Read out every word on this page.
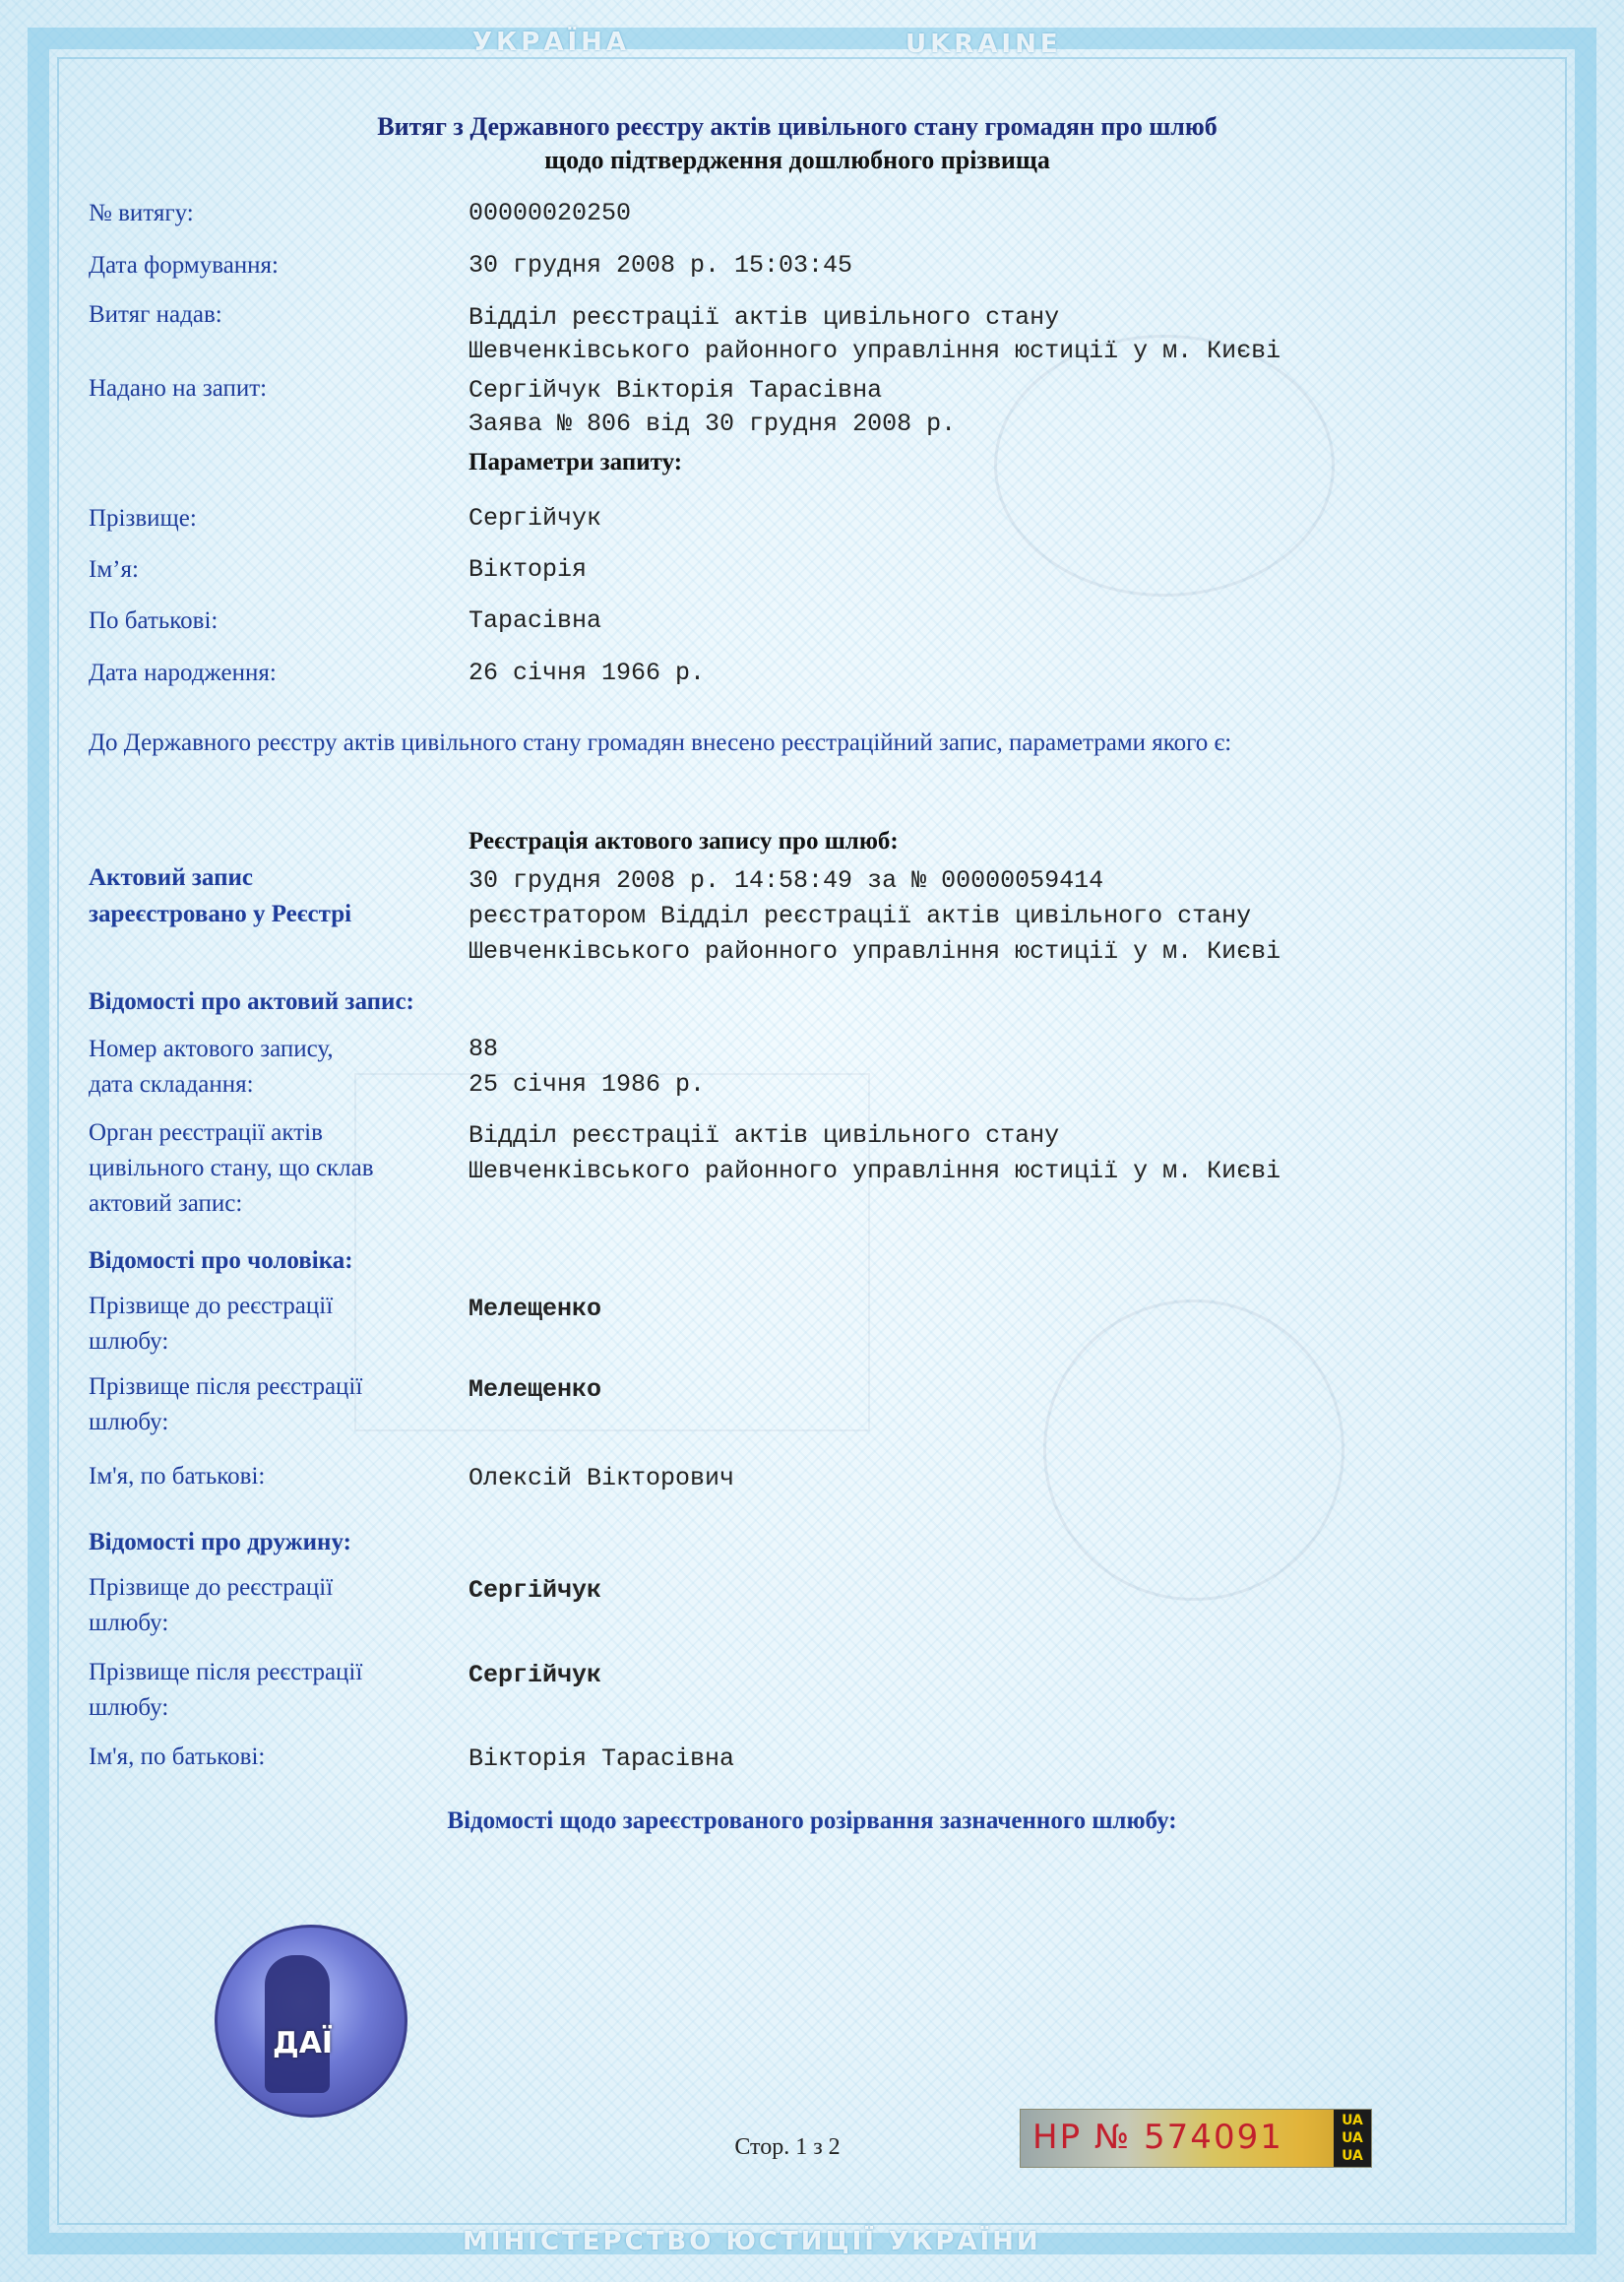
УКРАЇНА	UKRAINE
Витяг з Державного реєстру актів цивільного стану громадян про шлюб
щодо підтвердження дошлюбного прізвища
№ витягу:	00000020250
Дата формування:	30 грудня 2008 р. 15:03:45
Витяг надав:	Відділ реєстрації актів цивільного стану
Шевченківського районного управління юстиції у м. Києві
Надано на запит:	Сергійчук Вікторія Тарасівна
Заява № 806 від 30 грудня 2008 р.
Параметри запиту:
Прізвище:	Сергійчук
Ім’я:	Вікторія
По батькові:	Тарасівна
Дата народження:	26 січня 1966 р.
До Державного реєстру актів цивільного стану громадян внесено реєстраційний запис, параметрами якого є:
Реєстрація актового запису про шлюб:
Актовий запис
зареєстровано у Реєстрі
30 грудня 2008 р. 14:58:49 за № 00000059414
реєстратором Відділ реєстрації актів цивільного стану
Шевченківського районного управління юстиції у м. Києві
Відомості про актовий запис:
Номер актового запису,
дата складання:
88
25 січня 1986 р.
Орган реєстрації актів
цивільного стану, що склав
актовий запис:
Відділ реєстрації актів цивільного стану
Шевченківського районного управління юстиції у м. Києві
Відомості про чоловіка:
Прізвище до реєстрації
шлюбу:
Мелещенко
Прізвище після реєстрації
шлюбу:
Мелещенко
Ім'я, по батькові:	Олексій Вікторович
Відомості про дружину:
Прізвище до реєстрації
шлюбу:
Сергійчук
Прізвище після реєстрації
шлюбу:
Сергійчук
Ім'я, по батькові:	Вікторія Тарасівна
Відомості щодо зареєстрованого розірвання зазначенного шлюбу:
ДАЇ
Стор. 1 з 2	НР № 574091	UA UA UA
МІНІСТЕРСТВО ЮСТИЦІЇ УКРАЇНИ
